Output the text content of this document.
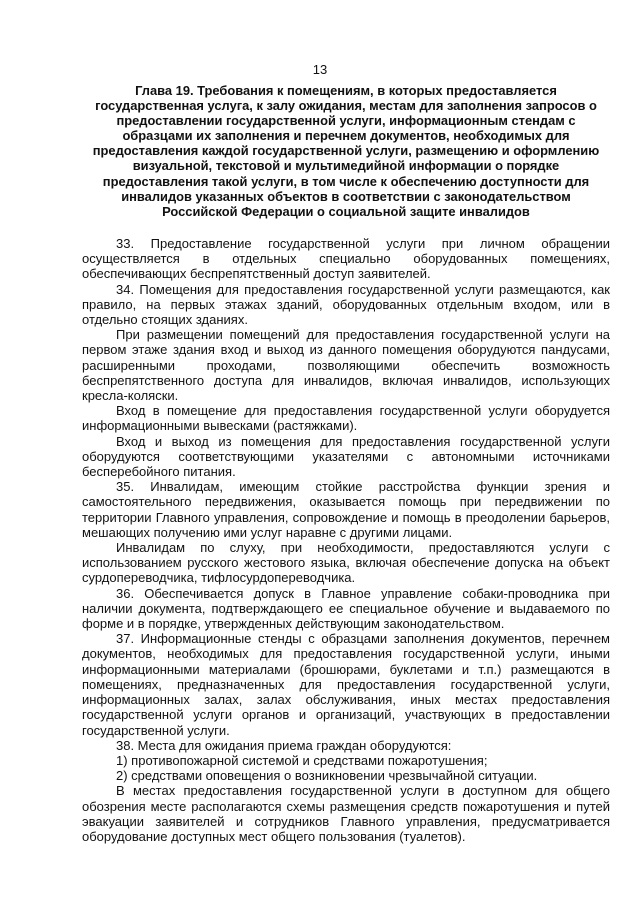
13
Глава 19. Требования к помещениям, в которых предоставляется государственная услуга, к залу ожидания, местам для заполнения запросов о предоставлении государственной услуги, информационным стендам с образцами их заполнения и перечнем документов, необходимых для предоставления каждой государственной услуги, размещению и оформлению визуальной, текстовой и мультимедийной информации о порядке предоставления такой услуги, в том числе к обеспечению доступности для инвалидов указанных объектов в соответствии с законодательством Российской Федерации о социальной защите инвалидов

33. Предоставление государственной услуги при личном обращении осуществляется в отдельных специально оборудованных помещениях, обеспечивающих беспрепятственный доступ заявителей.

34. Помещения для предоставления государственной услуги размещаются, как правило, на первых этажах зданий, оборудованных отдельным входом, или в отдельно стоящих зданиях.

При размещении помещений для предоставления государственной услуги на первом этаже здания вход и выход из данного помещения оборудуются пандусами, расширенными проходами, позволяющими обеспечить возможность беспрепятственного доступа для инвалидов, включая инвалидов, использующих кресла-коляски.

Вход в помещение для предоставления государственной услуги оборудуется информационными вывесками (растяжками).

Вход и выход из помещения для предоставления государственной услуги оборудуются соответствующими указателями с автономными источниками бесперебойного питания.

35. Инвалидам, имеющим стойкие расстройства функции зрения и самостоятельного передвижения, оказывается помощь при передвижении по территории Главного управления, сопровождение и помощь в преодолении барьеров, мешающих получению ими услуг наравне с другими лицами.

Инвалидам по слуху, при необходимости, предоставляются услуги с использованием русского жестового языка, включая обеспечение допуска на объект сурдопереводчика, тифлосурдопереводчика.

36. Обеспечивается допуск в Главное управление собаки-проводника при наличии документа, подтверждающего ее специальное обучение и выдаваемого по форме и в порядке, утвержденных действующим законодательством.

37. Информационные стенды с образцами заполнения документов, перечнем документов, необходимых для предоставления государственной услуги, иными информационными материалами (брошюрами, буклетами и т.п.) размещаются в помещениях, предназначенных для предоставления государственной услуги, информационных залах, залах обслуживания, иных местах предоставления государственной услуги органов и организаций, участвующих в предоставлении государственной услуги.

38. Места для ожидания приема граждан оборудуются:

1) противопожарной системой и средствами пожаротушения;

2) средствами оповещения о возникновении чрезвычайной ситуации.

В местах предоставления государственной услуги в доступном для общего обозрения месте располагаются схемы размещения средств пожаротушения и путей эвакуации заявителей и сотрудников Главного управления, предусматривается оборудование доступных мест общего пользования (туалетов).
